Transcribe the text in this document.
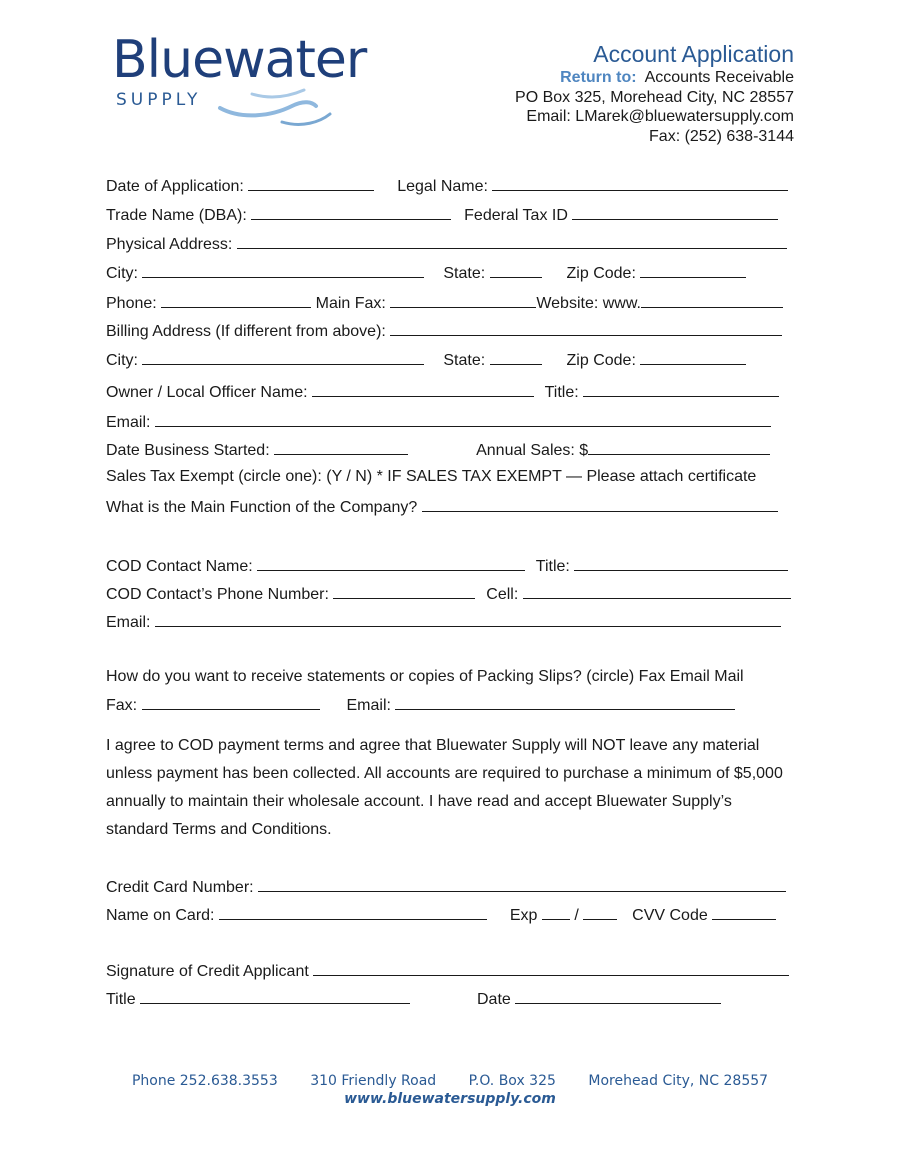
Bluewater
SUPPLY
Account Application
Return to: Accounts Receivable
PO Box 325, Morehead City, NC 28557
Email: LMarek@bluewatersupply.com
Fax: (252) 638-3144
Date of Application:	Legal Name:
Trade Name (DBA):	Federal Tax ID
Physical Address:
City:	State:	Zip Code:
Phone:	Main Fax:	Website: www.
Billing Address (If different from above):
City:	State:	Zip Code:
Owner / Local Officer Name:	Title:
Email:
Date Business Started:	Annual Sales: $
Sales Tax Exempt (circle one): (Y / N) * IF SALES TAX EXEMPT — Please attach certificate
What is the Main Function of the Company?
COD Contact Name:	Title:
COD Contact’s Phone Number:	Cell:
Email:
How do you want to receive statements or copies of Packing Slips? (circle) Fax Email Mail
Fax:	Email:
I agree to COD payment terms and agree that Bluewater Supply will NOT leave any material unless payment has been collected. All accounts are required to purchase a minimum of $5,000 annually to maintain their wholesale account. I have read and accept Bluewater Supply’s standard Terms and Conditions.
Credit Card Number:
Name on Card:	Exp /	CVV Code
Signature of Credit Applicant
Title	Date
Phone 252.638.3553 310 Friendly Road P.O. Box 325 Morehead City, NC 28557
www.bluewatersupply.com
